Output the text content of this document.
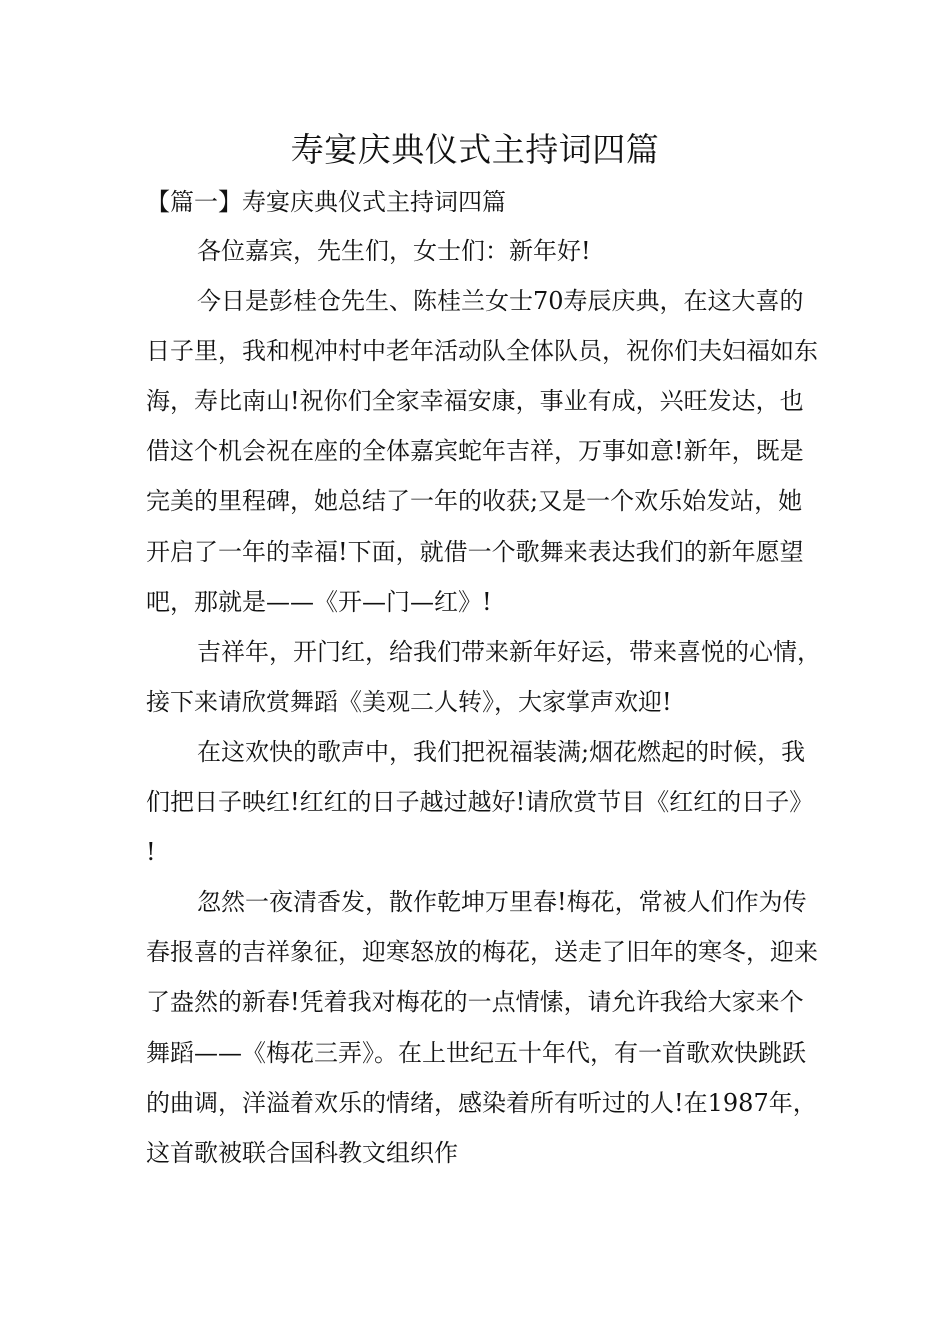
寿宴庆典仪式主持词四篇
【篇一】寿宴庆典仪式主持词四篇

各位嘉宾，先生们，女士们：新年好!

今日是彭桂仓先生、陈桂兰女士70寿辰庆典，在这大喜的日子里，我和枧冲村中老年活动队全体队员，祝你们夫妇福如东海，寿比南山!祝你们全家幸福安康，事业有成，兴旺发达，也借这个机会祝在座的全体嘉宾蛇年吉祥，万事如意!新年，既是完美的里程碑，她总结了一年的收获;又是一个欢乐始发站，她开启了一年的幸福!下面，就借一个歌舞来表达我们的新年愿望吧，那就是——《开—门—红》!

吉祥年，开门红，给我们带来新年好运，带来喜悦的心情，接下来请欣赏舞蹈《美观二人转》，大家掌声欢迎!

在这欢快的歌声中，我们把祝福装满;烟花燃起的时候，我们把日子映红!红红的日子越过越好!请欣赏节目《红红的日子》!

忽然一夜清香发，散作乾坤万里春!梅花，常被人们作为传春报喜的吉祥象征，迎寒怒放的梅花，送走了旧年的寒冬，迎来了盎然的新春!凭着我对梅花的一点情愫，请允许我给大家来个舞蹈——《梅花三弄》。在上世纪五十年代，有一首歌欢快跳跃的曲调，洋溢着欢乐的情绪，感染着所有听过的人!在1987年，这首歌被联合国科教文组织作
